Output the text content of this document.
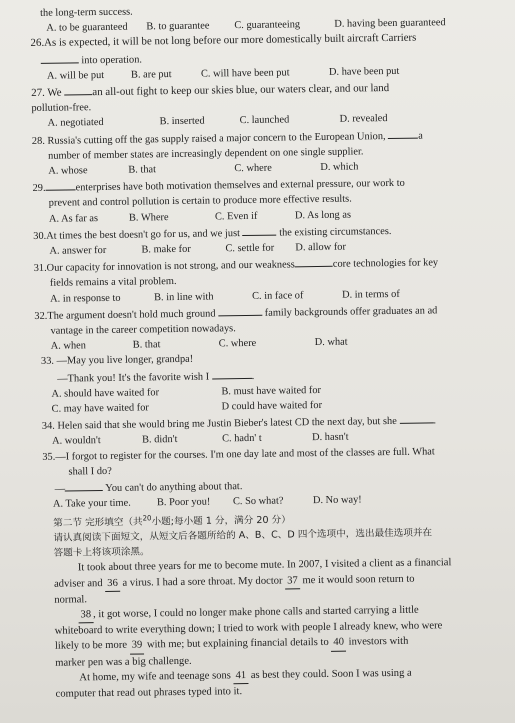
the long-term success.
A. to be guaranteed	B. to guarantee	C. guaranteeing	D. having been guaranteed
26.As is expected, it will be not long before our more domestically built aircraft Carriers
into operation.
A. will be put	B. are put	C. will have been put	D. have been put
27. We	an all-out fight to keep our skies blue, our waters clear, and our land
pollution-free.
A. negotiated	B. inserted	C. launched	D. revealed
28. Russia's cutting off the gas supply raised a major concern to the European Union,	a
number of member states are increasingly dependent on one single supplier.
A. whose	B. that	C. where	D. which
29.	enterprises have both motivation themselves and external pressure, our work to
prevent and control pollution is certain to produce more effective results.
A. As far as	B. Where	C. Even if	D. As long as
30.At times the best doesn't go for us, and we just	the existing circumstances.
A. answer for	B. make for	C. settle for	D. allow for
31.Our capacity for innovation is not strong, and our weakness	core technologies for key
fields remains a vital problem.
A. in response to	B. in line with	C. in face of	D. in terms of
32.The argument doesn't hold much ground	family backgrounds offer graduates an ad
vantage in the career competition nowadays.
A. when	B. that	C. where	D. what
33. —May you live longer, grandpa!
—Thank you! It's the favorite wish I	.
A. should have waited for	B. must have waited for
C. may have waited for	D could have waited for
34. Helen said that she would bring me Justin Bieber's latest CD the next day, but she	.
A. wouldn't	B. didn't	C. hadn' t	D. hasn't
35.—I forgot to register for the courses. I'm one day late and most of the classes are full. What
shall I do?
—	You can't do anything about that.
A. Take your time.	B. Poor you!	C. So what?	D. No way!
第二节 完形填空（共$^{20}$小题;每小题 1 分，满分 20 分）
请认真阅读下面短文，从短文后各题所给的 A、B、C、D 四个选项中，选出最佳选项并在
答题卡上将该项涂黑。
It took about three years for me to become mute. In 2007, I visited a client as a financial
adviser and 36 a virus. I had a sore throat. My doctor 37 me it would soon return to
normal.
38 , it got worse, I could no longer make phone calls and started carrying a little
whiteboard to write everything down; I tried to work with people I already knew, who were
likely to be more 39 with me; but explaining financial details to 40 investors with
marker pen was a big challenge.
At home, my wife and teenage sons 41 as best they could. Soon I was using a
computer that read out phrases typed into it.
